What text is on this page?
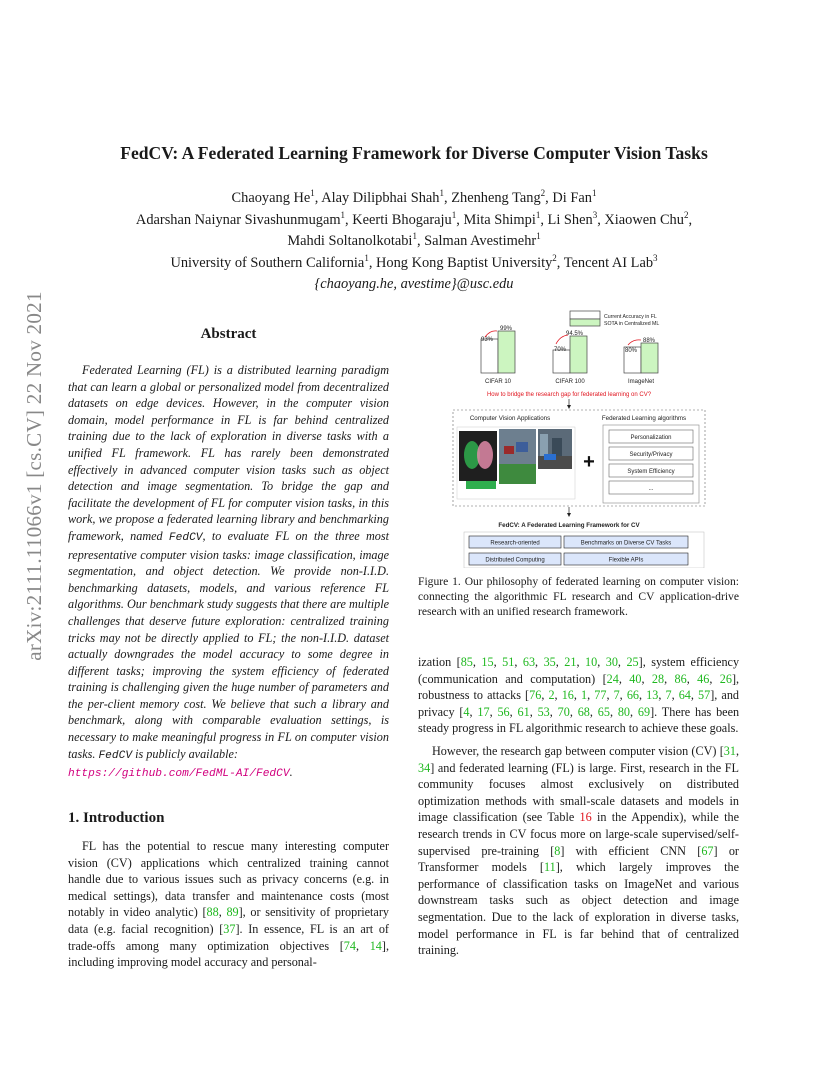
arXiv:2111.11066v1 [cs.CV] 22 Nov 2021
FedCV: A Federated Learning Framework for Diverse Computer Vision Tasks
Chaoyang He$^1$, Alay Dilipbhai Shah$^1$, Zhenheng Tang$^2$, Di Fan$^1$
Adarshan Naiynar Sivashunmugam$^1$, Keerti Bhogaraju$^1$, Mita Shimpi$^1$, Li Shen$^3$, Xiaowen Chu$^2$,
Mahdi Soltanolkotabi$^1$, Salman Avestimehr$^1$
University of Southern California$^1$, Hong Kong Baptist University$^2$, Tencent AI Lab$^3$
{chaoyang.he, avestime}@usc.edu
Abstract

Federated Learning (FL) is a distributed learning paradigm that can learn a global or personalized model from decentralized datasets on edge devices. However, in the computer vision domain, model performance in FL is far behind centralized training due to the lack of exploration in diverse tasks with a unified FL framework. FL has rarely been demonstrated effectively in advanced computer vision tasks such as object detection and image segmentation. To bridge the gap and facilitate the development of FL for computer vision tasks, in this work, we propose a federated learning library and benchmarking framework, named FedCV, to evaluate FL on the three most representative computer vision tasks: image classification, image segmentation, and object detection. We provide non-I.I.D. benchmarking datasets, models, and various reference FL algorithms. Our benchmark study suggests that there are multiple challenges that deserve future exploration: centralized training tricks may not be directly applied to FL; the non-I.I.D. dataset actually downgrades the model accuracy to some degree in different tasks; improving the system efficiency of federated training is challenging given the huge number of parameters and the per-client memory cost. We believe that such a library and benchmark, along with comparable evaluation settings, is necessary to make meaningful progress in FL on computer vision tasks. FedCV is publicly available:
https://github.com/FedML-AI/FedCV.

1. Introduction

FL has the potential to rescue many interesting computer vision (CV) applications which centralized training cannot handle due to various issues such as privacy concerns (e.g. in medical settings), data transfer and maintenance costs (most notably in video analytic) [88, 89], or sensitivity of proprietary data (e.g. facial recognition) [37]. In essence, FL is an art of trade-offs among many optimization objectives [74, 14], including improving model accuracy and personal-

Current Accuracy in FL
SOTA in Centralized ML
93%
99%
CIFAR 10
70%
94.5%
CIFAR 100
80%
88%
ImageNet
How to bridge the research gap for federated learning on CV?
Computer Vision Applications	Federated Learning algorithms
+
Personalization
Security/Privacy
System Efficiency
...
FedCV: A Federated Learning Framework for CV
Research-oriented	Benchmarks on Diverse CV Tasks
Distributed Computing	Flexible APIs
Figure 1. Our philosophy of federated learning on computer vision: connecting the algorithmic FL research and CV application-drive research with an unified research framework.

ization [85, 15, 51, 63, 35, 21, 10, 30, 25], system efficiency (communication and computation) [24, 40, 28, 86, 46, 26], robustness to attacks [76, 2, 16, 1, 77, 7, 66, 13, 7, 64, 57], and privacy [4, 17, 56, 61, 53, 70, 68, 65, 80, 69]. There has been steady progress in FL algorithmic research to achieve these goals.

However, the research gap between computer vision (CV) [31, 34] and federated learning (FL) is large. First, research in the FL community focuses almost exclusively on distributed optimization methods with small-scale datasets and models in image classification (see Table 16 in the Appendix), while the research trends in CV focus more on large-scale supervised/self-supervised pre-training [8] with efficient CNN [67] or Transformer models [11], which largely improves the performance of classification tasks on ImageNet and various downstream tasks such as object detection and image segmentation. Due to the lack of exploration in diverse tasks, model performance in FL is far behind that of centralized training.
